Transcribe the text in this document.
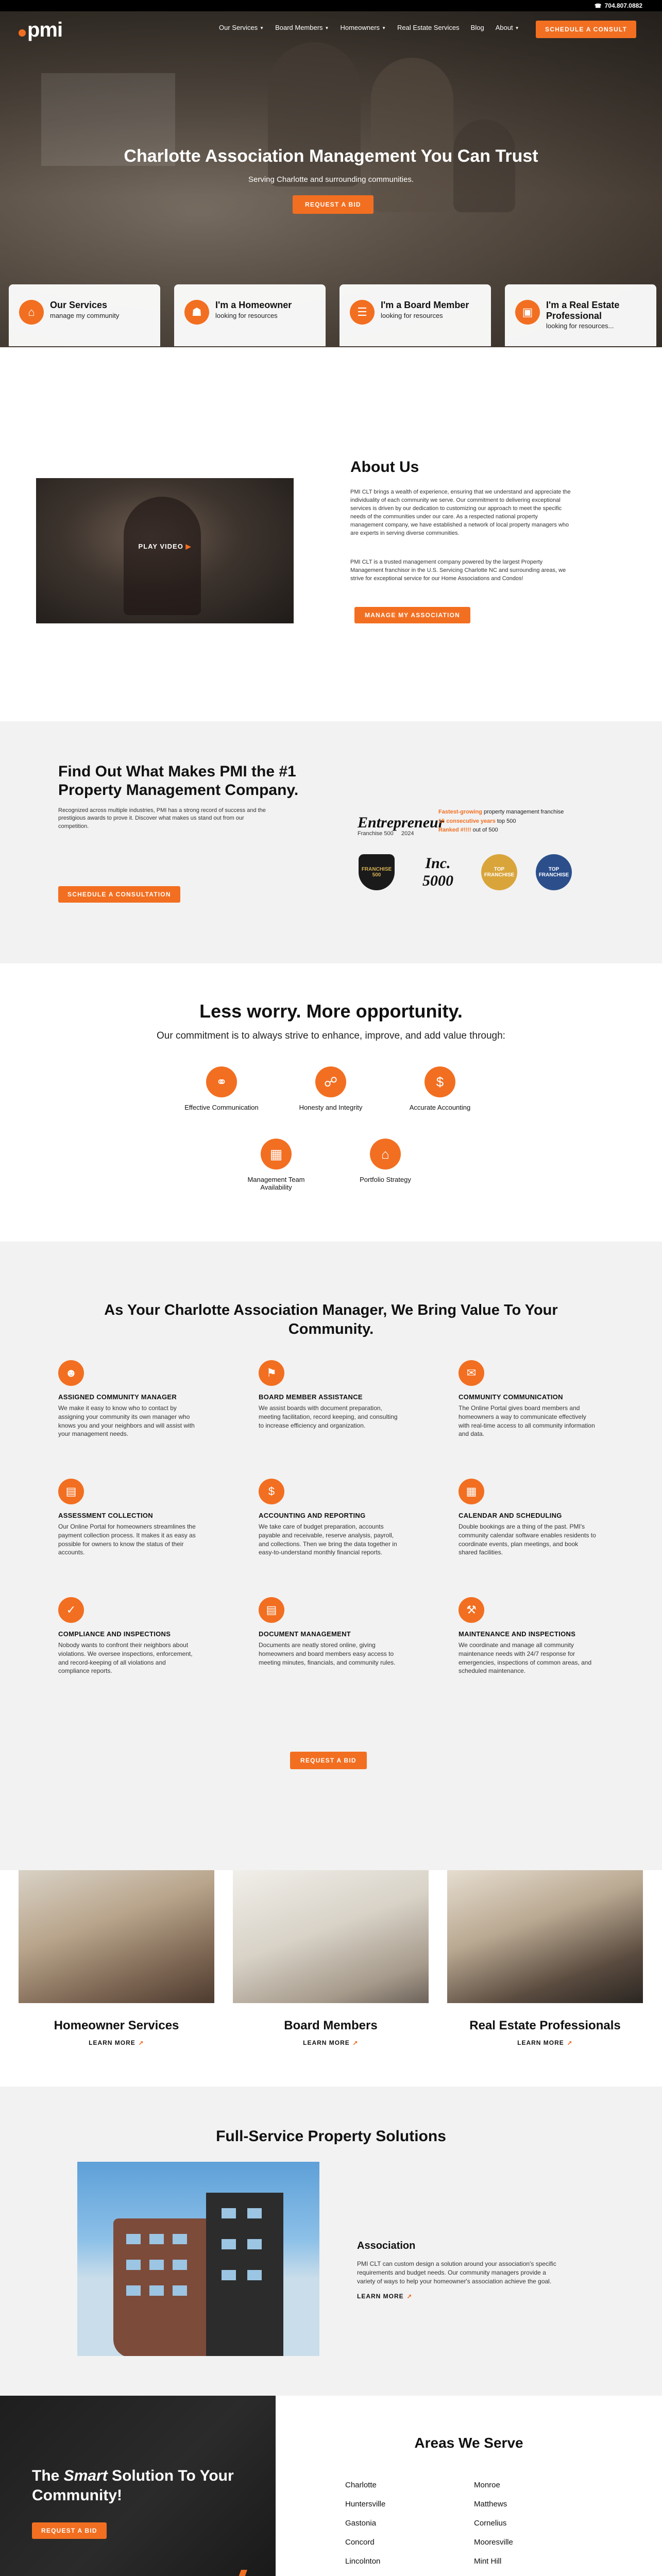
☎ 704.807.0882
pmi	Our Services ▼ Board Members ▼ Homeowners ▼ Real Estate Services Blog About ▼	SCHEDULE A CONSULT
Charlotte Association Management You Can Trust

Serving Charlotte and surrounding communities.

REQUEST A BID
⌂
Our Services
manage my community	☗
I'm a Homeowner
looking for resources	☰
I'm a Board Member
looking for resources	▣
I'm a Real Estate Professional
looking for resources...
PLAY VIDEO ▶
About Us

PMI CLT brings a wealth of experience, ensuring that we understand and appreciate the individuality of each community we serve. Our commitment to delivering exceptional services is driven by our dedication to customizing our approach to meet the specific needs of the communities under our care. As a respected national property management company, we have established a network of local property managers who are experts in serving diverse communities.

PMI CLT is a trusted management company powered by the largest Property Management franchisor in the U.S. Servicing Charlotte NC and surrounding areas, we strive for exceptional service for our Home Associations and Condos!

MANAGE MY ASSOCIATION
Find Out What Makes PMI the #1 Property Management Company.

Recognized across multiple industries, PMI has a strong record of success and the prestigious awards to prove it. Discover what makes us stand out from our competition.

SCHEDULE A CONSULTATION
Entrepreneur
Franchise 500 2024
Fastest-growing property management franchise
15 consecutive years top 500
Ranked #!!!! out of 500
FRANCHISE 500
Inc. 5000
TOP FRANCHISE
TOP FRANCHISE
Less worry. More opportunity.

Our commitment is to always strive to enhance, improve, and add value through:

⚭
Effective Communication
☍
Honesty and Integrity
$
Accurate Accounting
▦
Management Team Availability
⌂
Portfolio Strategy
As Your Charlotte Association Manager, We Bring Value To Your
Community.
☻
ASSIGNED COMMUNITY MANAGER
We make it easy to know who to contact by assigning your community its own manager who knows you and your neighbors and will assist with your management needs.
⚑
BOARD MEMBER ASSISTANCE
We assist boards with document preparation, meeting facilitation, record keeping, and consulting to increase efficiency and organization.
✉
COMMUNITY COMMUNICATION
The Online Portal gives board members and homeowners a way to communicate effectively with real-time access to all community information and data.
▤
ASSESSMENT COLLECTION
Our Online Portal for homeowners streamlines the payment collection process. It makes it as easy as possible for owners to know the status of their accounts.
$
ACCOUNTING AND REPORTING
We take care of budget preparation, accounts payable and receivable, reserve analysis, payroll, and collections. Then we bring the data together in easy-to-understand monthly financial reports.
▦
CALENDAR AND SCHEDULING
Double bookings are a thing of the past. PMI's community calendar software enables residents to coordinate events, plan meetings, and book shared facilities.
✓
COMPLIANCE AND INSPECTIONS
Nobody wants to confront their neighbors about violations. We oversee inspections, enforcement, and record-keeping of all violations and compliance reports.
▤
DOCUMENT MANAGEMENT
Documents are neatly stored online, giving homeowners and board members easy access to meeting minutes, financials, and community rules.
⚒
MAINTENANCE AND INSPECTIONS
We coordinate and manage all community maintenance needs with 24/7 response for emergencies, inspections of common areas, and scheduled maintenance.
REQUEST A BID
Homeowner Services
LEARN MORE ➚
Board Members
LEARN MORE ➚
Real Estate Professionals
LEARN MORE ➚
Full-Service Property Solutions
Association

PMI CLT can custom design a solution around your association's specific requirements and budget needs. Our community managers provide a variety of ways to help your homeowner's association achieve the goal.

LEARN MORE ➚
The Smart Solution To Your Community!
REQUEST A BID
Areas We Serve
Charlotte
Huntersville
Gastonia
Concord
Lincolnton
Monroe
Matthews
Cornelius
Mooresville
Mint Hill
